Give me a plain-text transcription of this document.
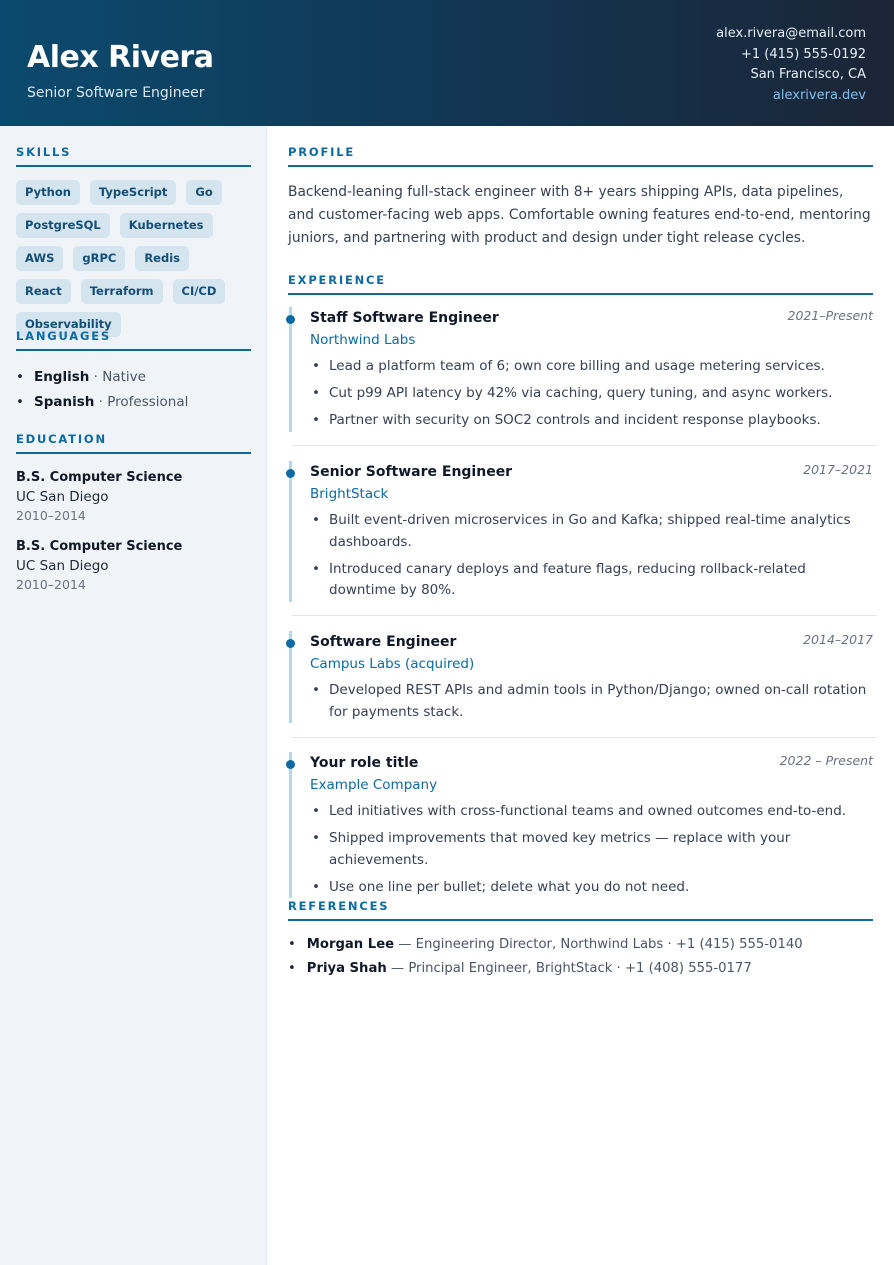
Alex Rivera
Senior Software Engineer
alex.rivera@email.com
+1 (415) 555-0192
San Francisco, CA
alexrivera.dev
SKILLS
Python	TypeScript	Go
PostgreSQL	Kubernetes
AWS	gRPC	Redis
React	Terraform	CI/CD
Observability
LANGUAGES
• English · Native
• Spanish · Professional
EDUCATION
B.S. Computer Science
UC San Diego
2010–2014
B.S. Computer Science
UC San Diego
2010–2014
PROFILE

Backend-leaning full-stack engineer with 8+ years shipping APIs, data pipelines, and customer-facing web apps. Comfortable owning features end-to-end, mentoring juniors, and partnering with product and design under tight release cycles.

EXPERIENCE
Staff Software Engineer	2021–Present
Northwind Labs
• Lead a platform team of 6; own core billing and usage metering services.
• Cut p99 API latency by 42% via caching, query tuning, and async workers.
• Partner with security on SOC2 controls and incident response playbooks.
Senior Software Engineer	2017–2021
BrightStack
• Built event-driven microservices in Go and Kafka; shipped real-time analytics dashboards.
• Introduced canary deploys and feature flags, reducing rollback-related downtime by 80%.
Software Engineer	2014–2017
Campus Labs (acquired)
• Developed REST APIs and admin tools in Python/Django; owned on-call rotation for payments stack.
Your role title	2022 – Present
Example Company
• Led initiatives with cross-functional teams and owned outcomes end-to-end.
• Shipped improvements that moved key metrics — replace with your achievements.
• Use one line per bullet; delete what you do not need.
REFERENCES
• Morgan Lee — Engineering Director, Northwind Labs · +1 (415) 555-0140
• Priya Shah — Principal Engineer, BrightStack · +1 (408) 555-0177
